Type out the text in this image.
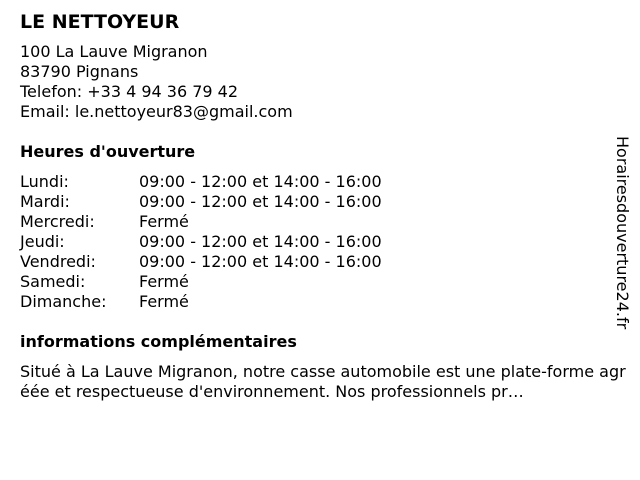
LE NETTOYEUR
100 La Lauve Migranon
83790 Pignans
Telefon: +33 4 94 36 79 42
Email: le.nettoyeur83@gmail.com
Heures d'ouverture
Lundi:	09:00 - 12:00 et 14:00 - 16:00
Mardi:	09:00 - 12:00 et 14:00 - 16:00
Mercredi:	Fermé
Jeudi:	09:00 - 12:00 et 14:00 - 16:00
Vendredi:	09:00 - 12:00 et 14:00 - 16:00
Samedi:	Fermé
Dimanche:	Fermé
informations complémentaires
Situé à La Lauve Migranon, notre casse automobile est une plate-forme agréée et respectueuse d'environnement. Nos professionnels pr…
Horairesdouverture24.fr
